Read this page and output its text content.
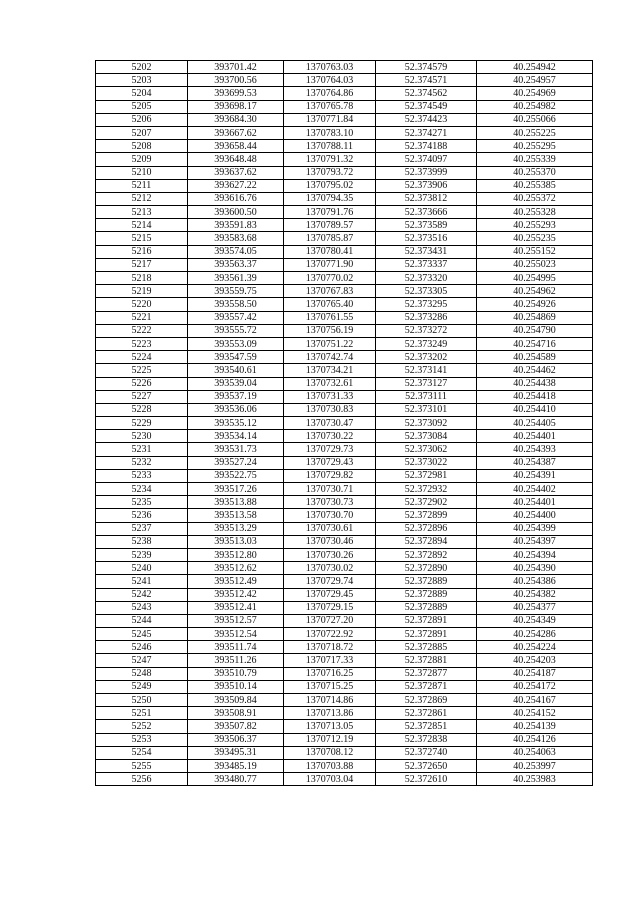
5202	393701.42	1370763.03	52.374579	40.254942
5203	393700.56	1370764.03	52.374571	40.254957
5204	393699.53	1370764.86	52.374562	40.254969
5205	393698.17	1370765.78	52.374549	40.254982
5206	393684.30	1370771.84	52.374423	40.255066
5207	393667.62	1370783.10	52.374271	40.255225
5208	393658.44	1370788.11	52.374188	40.255295
5209	393648.48	1370791.32	52.374097	40.255339
5210	393637.62	1370793.72	52.373999	40.255370
5211	393627.22	1370795.02	52.373906	40.255385
5212	393616.76	1370794.35	52.373812	40.255372
5213	393600.50	1370791.76	52.373666	40.255328
5214	393591.83	1370789.57	52.373589	40.255293
5215	393583.68	1370785.87	52.373516	40.255235
5216	393574.05	1370780.41	52.373431	40.255152
5217	393563.37	1370771.90	52.373337	40.255023
5218	393561.39	1370770.02	52.373320	40.254995
5219	393559.75	1370767.83	52.373305	40.254962
5220	393558.50	1370765.40	52.373295	40.254926
5221	393557.42	1370761.55	52.373286	40.254869
5222	393555.72	1370756.19	52.373272	40.254790
5223	393553.09	1370751.22	52.373249	40.254716
5224	393547.59	1370742.74	52.373202	40.254589
5225	393540.61	1370734.21	52.373141	40.254462
5226	393539.04	1370732.61	52.373127	40.254438
5227	393537.19	1370731.33	52.373111	40.254418
5228	393536.06	1370730.83	52.373101	40.254410
5229	393535.12	1370730.47	52.373092	40.254405
5230	393534.14	1370730.22	52.373084	40.254401
5231	393531.73	1370729.73	52.373062	40.254393
5232	393527.24	1370729.43	52.373022	40.254387
5233	393522.75	1370729.82	52.372981	40.254391
5234	393517.26	1370730.71	52.372932	40.254402
5235	393513.88	1370730.73	52.372902	40.254401
5236	393513.58	1370730.70	52.372899	40.254400
5237	393513.29	1370730.61	52.372896	40.254399
5238	393513.03	1370730.46	52.372894	40.254397
5239	393512.80	1370730.26	52.372892	40.254394
5240	393512.62	1370730.02	52.372890	40.254390
5241	393512.49	1370729.74	52.372889	40.254386
5242	393512.42	1370729.45	52.372889	40.254382
5243	393512.41	1370729.15	52.372889	40.254377
5244	393512.57	1370727.20	52.372891	40.254349
5245	393512.54	1370722.92	52.372891	40.254286
5246	393511.74	1370718.72	52.372885	40.254224
5247	393511.26	1370717.33	52.372881	40.254203
5248	393510.79	1370716.25	52.372877	40.254187
5249	393510.14	1370715.25	52.372871	40.254172
5250	393509.84	1370714.86	52.372869	40.254167
5251	393508.91	1370713.86	52.372861	40.254152
5252	393507.82	1370713.05	52.372851	40.254139
5253	393506.37	1370712.19	52.372838	40.254126
5254	393495.31	1370708.12	52.372740	40.254063
5255	393485.19	1370703.88	52.372650	40.253997
5256	393480.77	1370703.04	52.372610	40.253983
